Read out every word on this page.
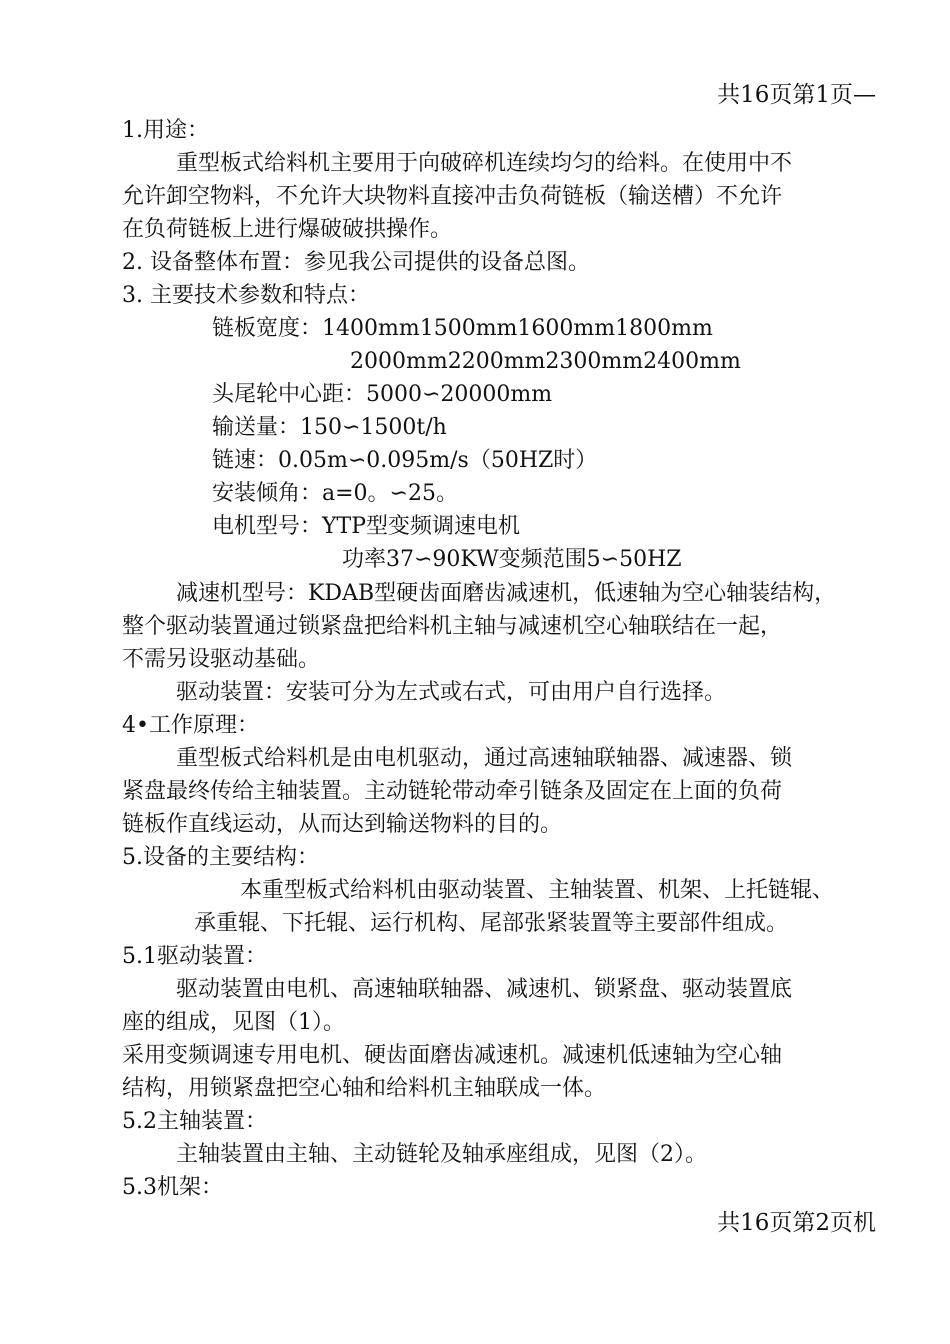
共16页第1页—
1.用途：
重型板式给料机主要用于向破碎机连续均匀的给料。在使用中不
允许卸空物料，不允许大块物料直接冲击负荷链板（输送槽）不允许
在负荷链板上进行爆破破拱操作。
2. 设备整体布置：参见我公司提供的设备总图。
3. 主要技术参数和特点：
链板宽度：1400mm1500mm1600mm1800mm
2000mm2200mm2300mm2400mm
头尾轮中心距：5000∽20000mm
输送量：150∽1500t/h
链速：0.05m∽0.095m/s（50HZ时）
安装倾角：a=0。∽25。
电机型号：YTP型变频调速电机
功率37∽90KW变频范围5∽50HZ
减速机型号：KDAB型硬齿面磨齿减速机，低速轴为空心轴装结构，
整个驱动装置通过锁紧盘把给料机主轴与减速机空心轴联结在一起，
不需另设驱动基础。
驱动装置：安装可分为左式或右式，可由用户自行选择。
4•工作原理：
重型板式给料机是由电机驱动，通过高速轴联轴器、减速器、锁
紧盘最终传给主轴装置。主动链轮带动牵引链条及固定在上面的负荷
链板作直线运动，从而达到输送物料的目的。
5.设备的主要结构：
本重型板式给料机由驱动装置、主轴装置、机架、上托链辊、
承重辊、下托辊、运行机构、尾部张紧装置等主要部件组成。
5.1驱动装置：
驱动装置由电机、高速轴联轴器、减速机、锁紧盘、驱动装置底
座的组成，见图（1）。
采用变频调速专用电机、硬齿面磨齿减速机。减速机低速轴为空心轴
结构，用锁紧盘把空心轴和给料机主轴联成一体。
5.2主轴装置：
主轴装置由主轴、主动链轮及轴承座组成，见图（2）。
5.3机架：
共16页第2页机
